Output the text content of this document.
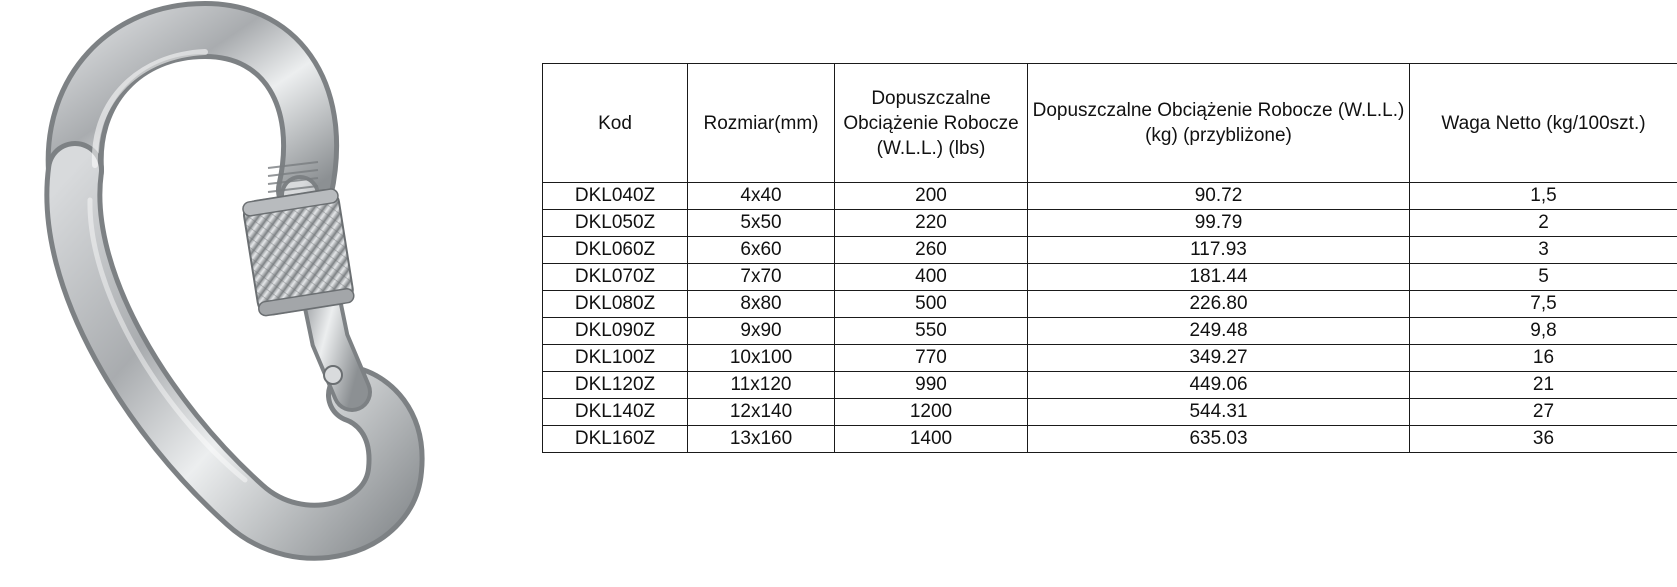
Kod	Rozmiar(mm)	Dopuszczalne Obciążenie Robocze (W.L.L.) (lbs)	Dopuszczalne Obciążenie Robocze (W.L.L.) (kg) (przybliżone)	Waga Netto (kg/100szt.)
DKL040Z	4x40	200	90.72	1,5
DKL050Z	5x50	220	99.79	2
DKL060Z	6x60	260	117.93	3
DKL070Z	7x70	400	181.44	5
DKL080Z	8x80	500	226.80	7,5
DKL090Z	9x90	550	249.48	9,8
DKL100Z	10x100	770	349.27	16
DKL120Z	11x120	990	449.06	21
DKL140Z	12x140	1200	544.31	27
DKL160Z	13x160	1400	635.03	36
